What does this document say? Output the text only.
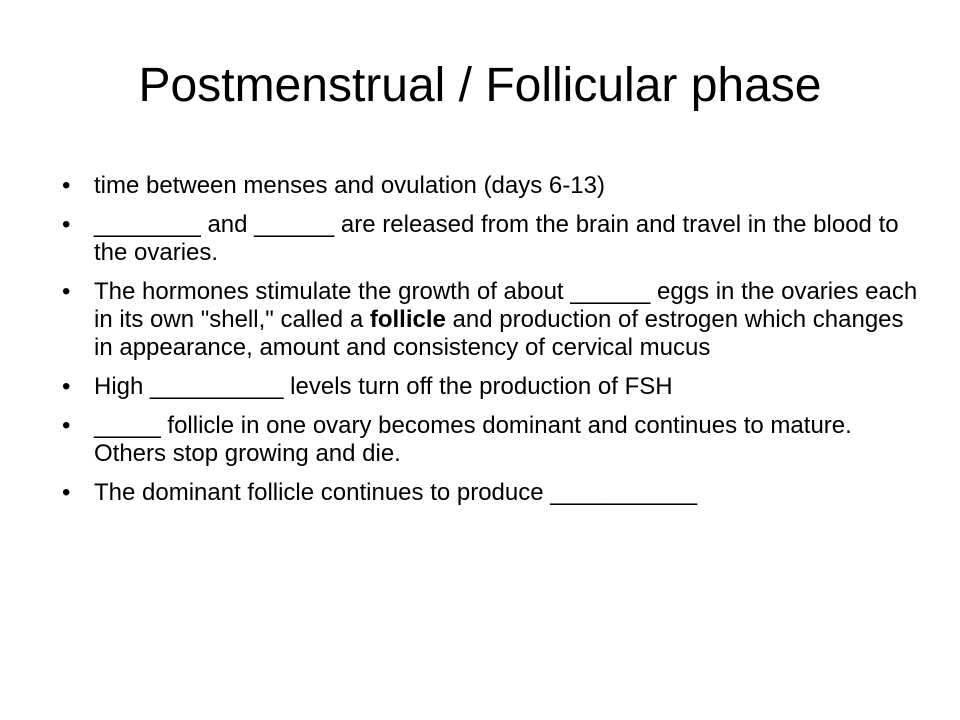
Postmenstrual / Follicular phase
• time between menses and ovulation (days 6-13)
• ________ and ______ are released from the brain and travel in the blood to the ovaries.
• The hormones stimulate the growth of about ______ eggs in the ovaries each in its own "shell," called a follicle and production of estrogen which changes in appearance, amount and consistency of cervical mucus
• High __________ levels turn off the production of FSH
• _____ follicle in one ovary becomes dominant and continues to mature. Others stop growing and die.
• The dominant follicle continues to produce ___________
